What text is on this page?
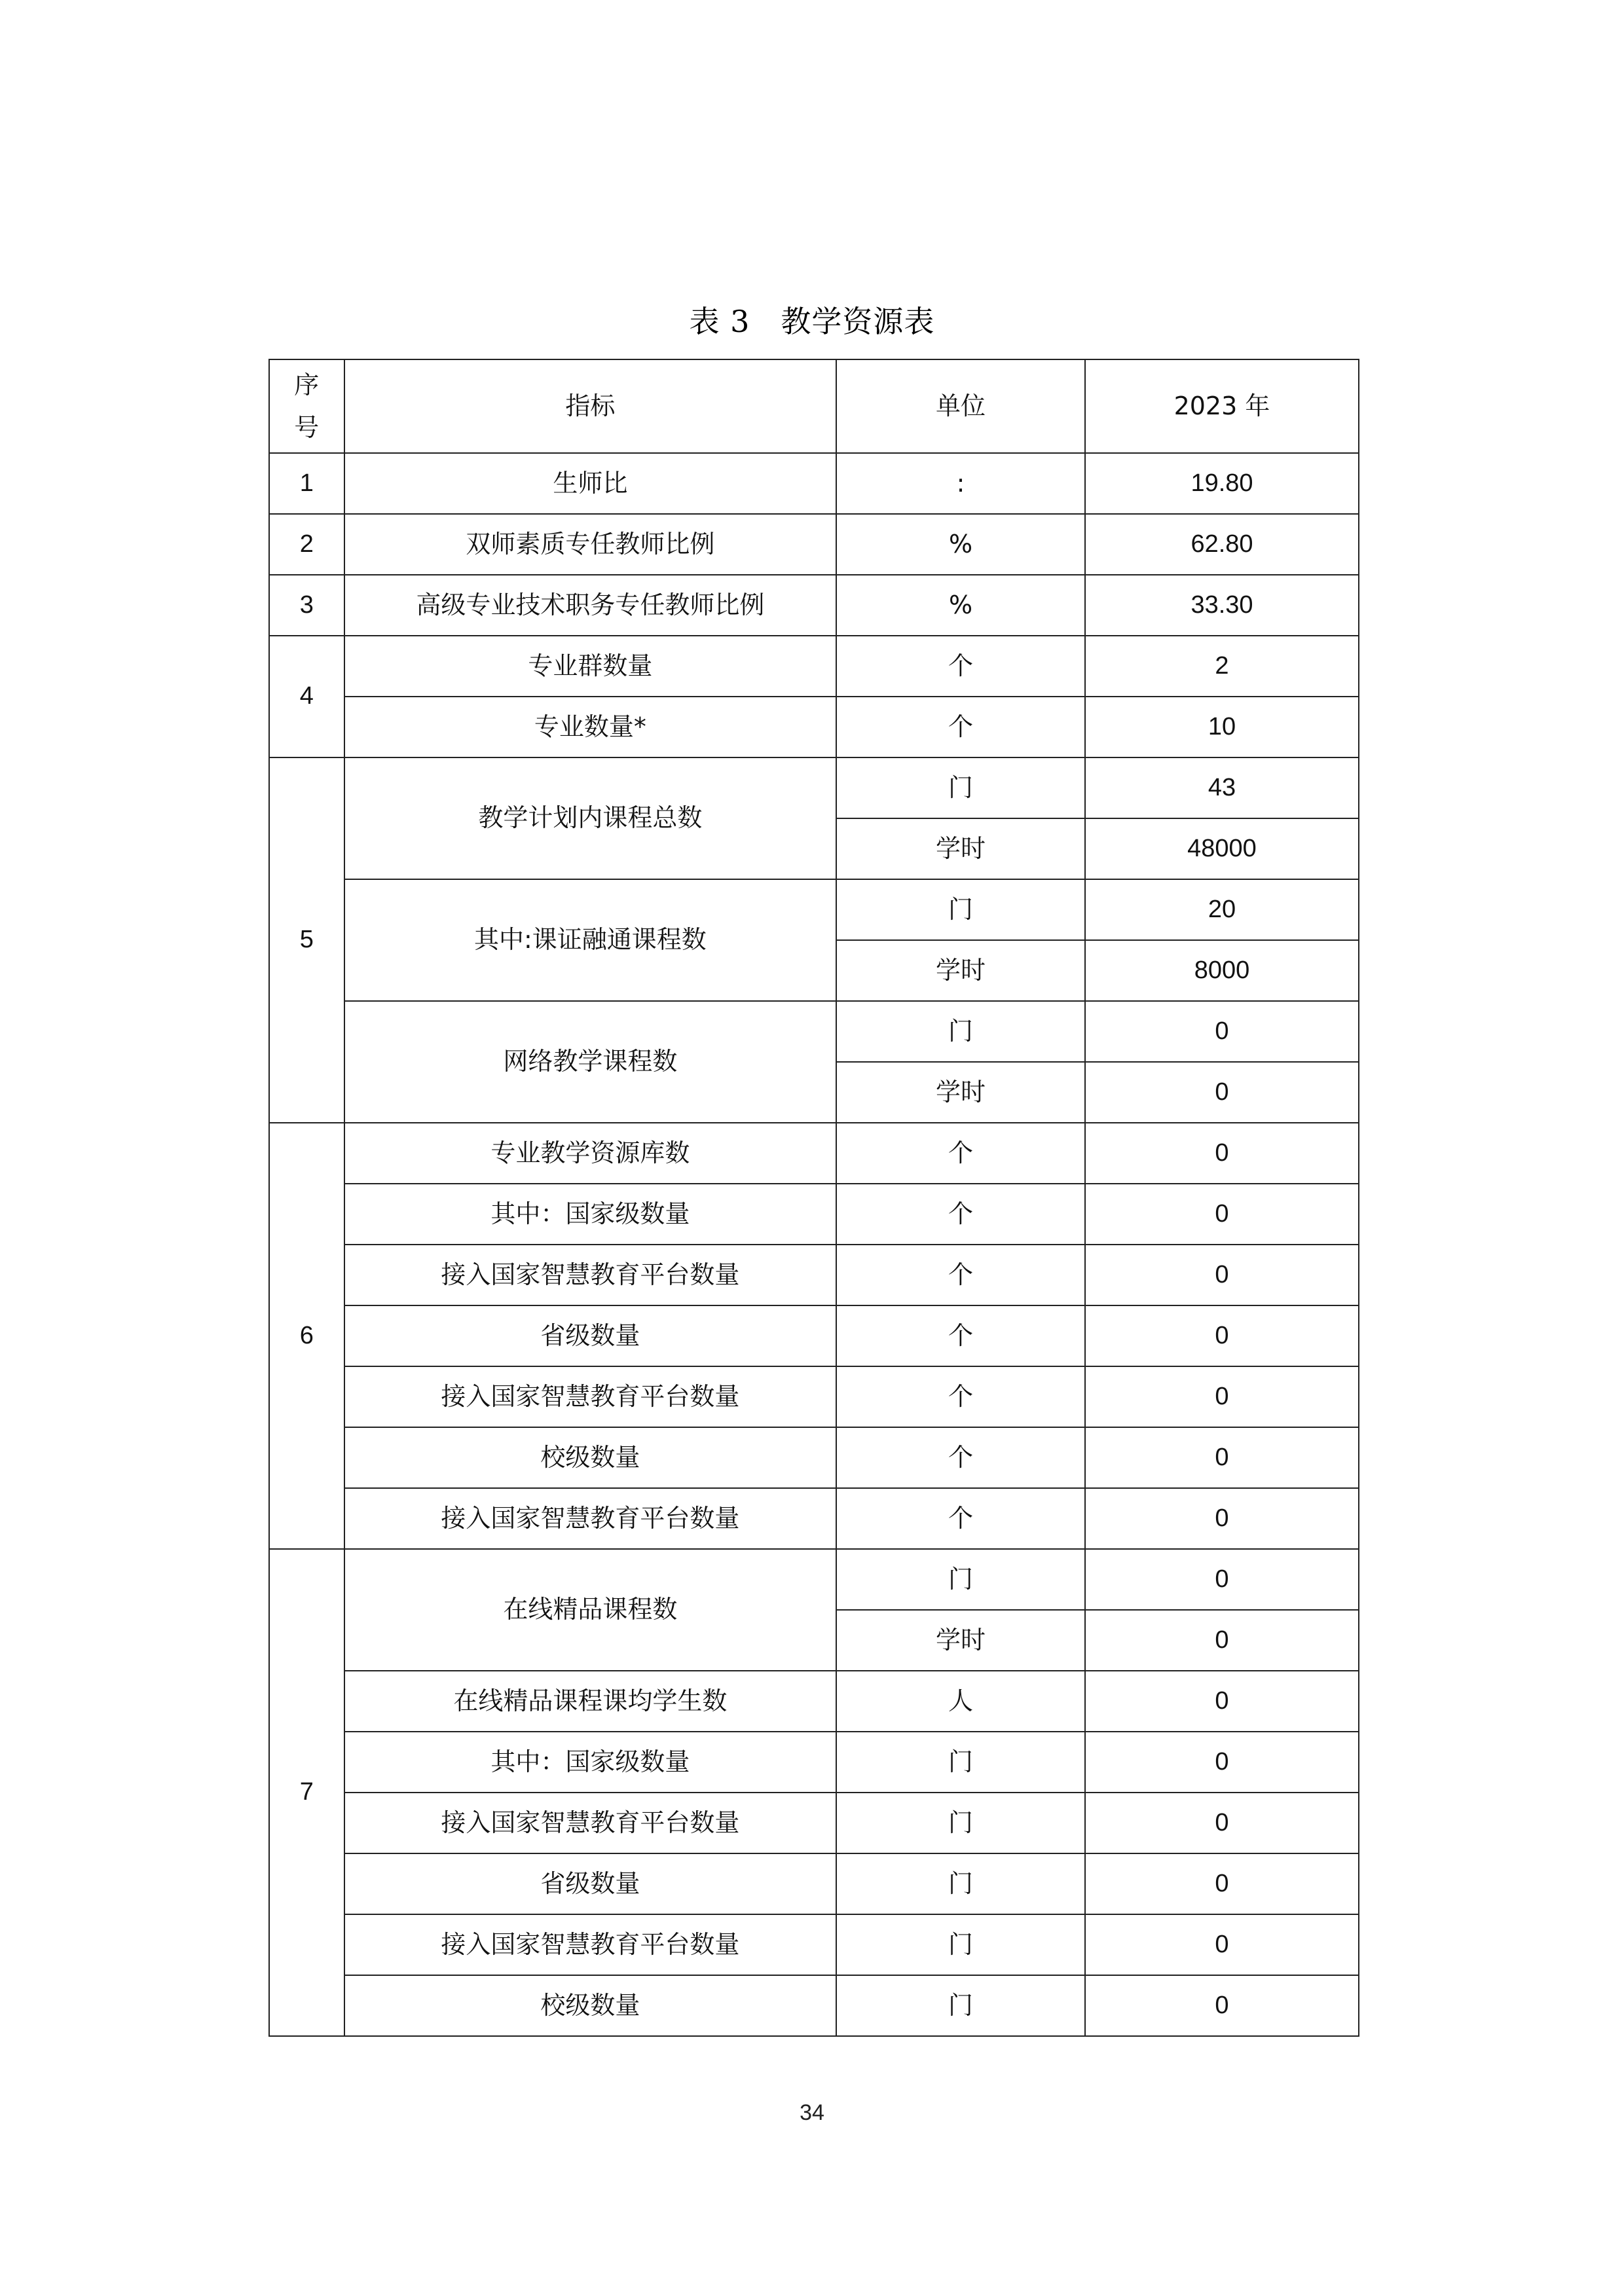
表 3　教学资源表
序
号	指标	单位	2023 年
1	生师比	:	19.80
2	双师素质专任教师比例	%	62.80
3	高级专业技术职务专任教师比例	%	33.30
4	专业群数量	个	2
	专业数量*	个	10
5	教学计划内课程总数	门	43
		学时	48000
	其中:课证融通课程数	门	20
		学时	8000
	网络教学课程数	门	0
		学时	0
6	专业教学资源库数	个	0
	其中：国家级数量	个	0
	接入国家智慧教育平台数量	个	0
	省级数量	个	0
	接入国家智慧教育平台数量	个	0
	校级数量	个	0
	接入国家智慧教育平台数量	个	0
7	在线精品课程数	门	0
		学时	0
	在线精品课程课均学生数	人	0
	其中：国家级数量	门	0
	接入国家智慧教育平台数量	门	0
	省级数量	门	0
	接入国家智慧教育平台数量	门	0
	校级数量	门	0
34
